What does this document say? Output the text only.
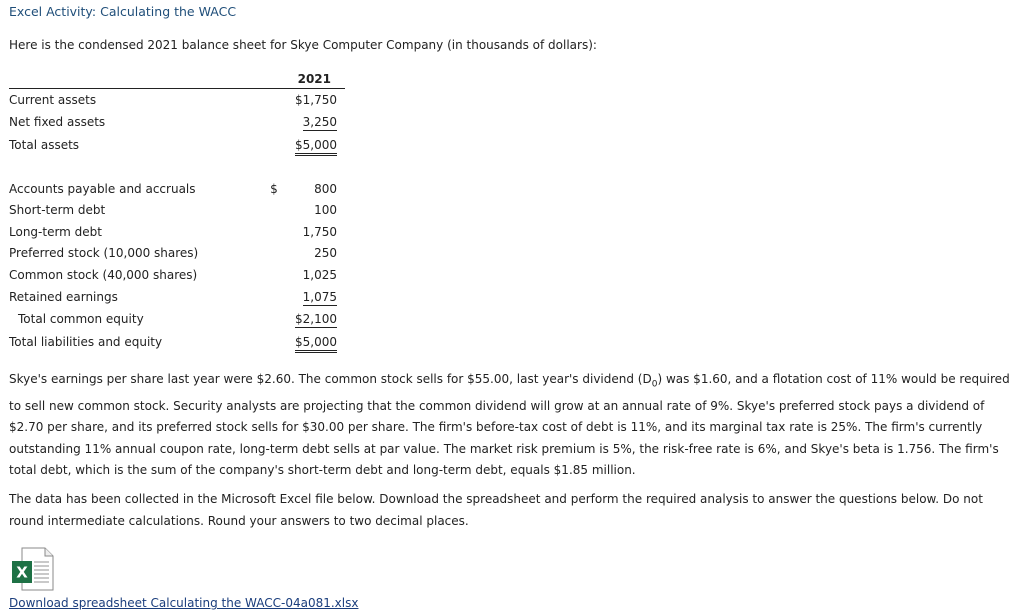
Excel Activity: Calculating the WACC
Here is the condensed 2021 balance sheet for Skye Computer Company (in thousands of dollars):
2021
Current assets	$1,750
Net fixed assets	3,250
Total assets	$5,000
Accounts payable and accruals	$	800
Short-term debt	100
Long-term debt	1,750
Preferred stock (10,000 shares)	250
Common stock (40,000 shares)	1,025
Retained earnings	1,075
Total common equity	$2,100
Total liabilities and equity	$5,000
Skye's earnings per share last year were $2.60. The common stock sells for $55.00, last year's dividend $(D_0)$ was $1.60, and a flotation cost of 11% would be required to sell new common stock. Security analysts are projecting that the common dividend will grow at an annual rate of 9%. Skye's preferred stock pays a dividend of $2.70 per share, and its preferred stock sells for $30.00 per share. The firm's before-tax cost of debt is 11%, and its marginal tax rate is 25%. The firm's currently outstanding 11% annual coupon rate, long-term debt sells at par value. The market risk premium is 5%, the risk-free rate is 6%, and Skye's beta is 1.756. The firm's total debt, which is the sum of the company's short-term debt and long-term debt, equals $1.85 million.
The data has been collected in the Microsoft Excel file below. Download the spreadsheet and perform the required analysis to answer the questions below. Do not round intermediate calculations. Round your answers to two decimal places.
X
Download spreadsheet Calculating the WACC-04a081.xlsx
